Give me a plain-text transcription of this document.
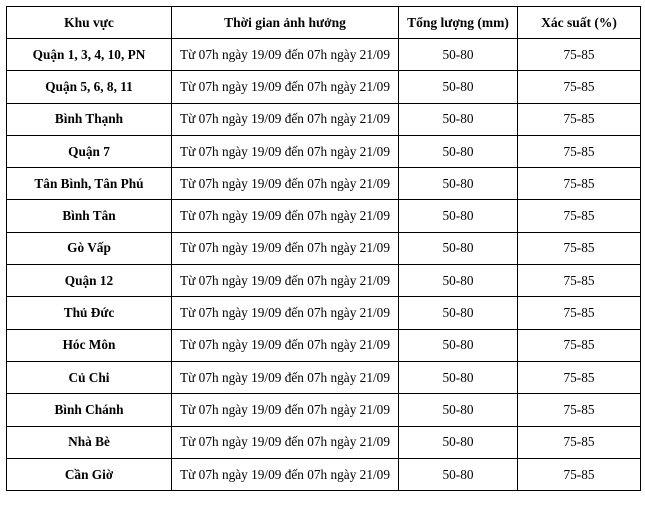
Khu vực	Thời gian ảnh hưởng	Tổng lượng (mm)	Xác suất (%)
Quận 1, 3, 4, 10, PN	Từ 07h ngày 19/09 đến 07h ngày 21/09	50-80	75-85
Quận 5, 6, 8, 11	Từ 07h ngày 19/09 đến 07h ngày 21/09	50-80	75-85
Bình Thạnh	Từ 07h ngày 19/09 đến 07h ngày 21/09	50-80	75-85
Quận 7	Từ 07h ngày 19/09 đến 07h ngày 21/09	50-80	75-85
Tân Bình, Tân Phú	Từ 07h ngày 19/09 đến 07h ngày 21/09	50-80	75-85
Bình Tân	Từ 07h ngày 19/09 đến 07h ngày 21/09	50-80	75-85
Gò Vấp	Từ 07h ngày 19/09 đến 07h ngày 21/09	50-80	75-85
Quận 12	Từ 07h ngày 19/09 đến 07h ngày 21/09	50-80	75-85
Thủ Đức	Từ 07h ngày 19/09 đến 07h ngày 21/09	50-80	75-85
Hóc Môn	Từ 07h ngày 19/09 đến 07h ngày 21/09	50-80	75-85
Củ Chi	Từ 07h ngày 19/09 đến 07h ngày 21/09	50-80	75-85
Bình Chánh	Từ 07h ngày 19/09 đến 07h ngày 21/09	50-80	75-85
Nhà Bè	Từ 07h ngày 19/09 đến 07h ngày 21/09	50-80	75-85
Cần Giờ	Từ 07h ngày 19/09 đến 07h ngày 21/09	50-80	75-85
